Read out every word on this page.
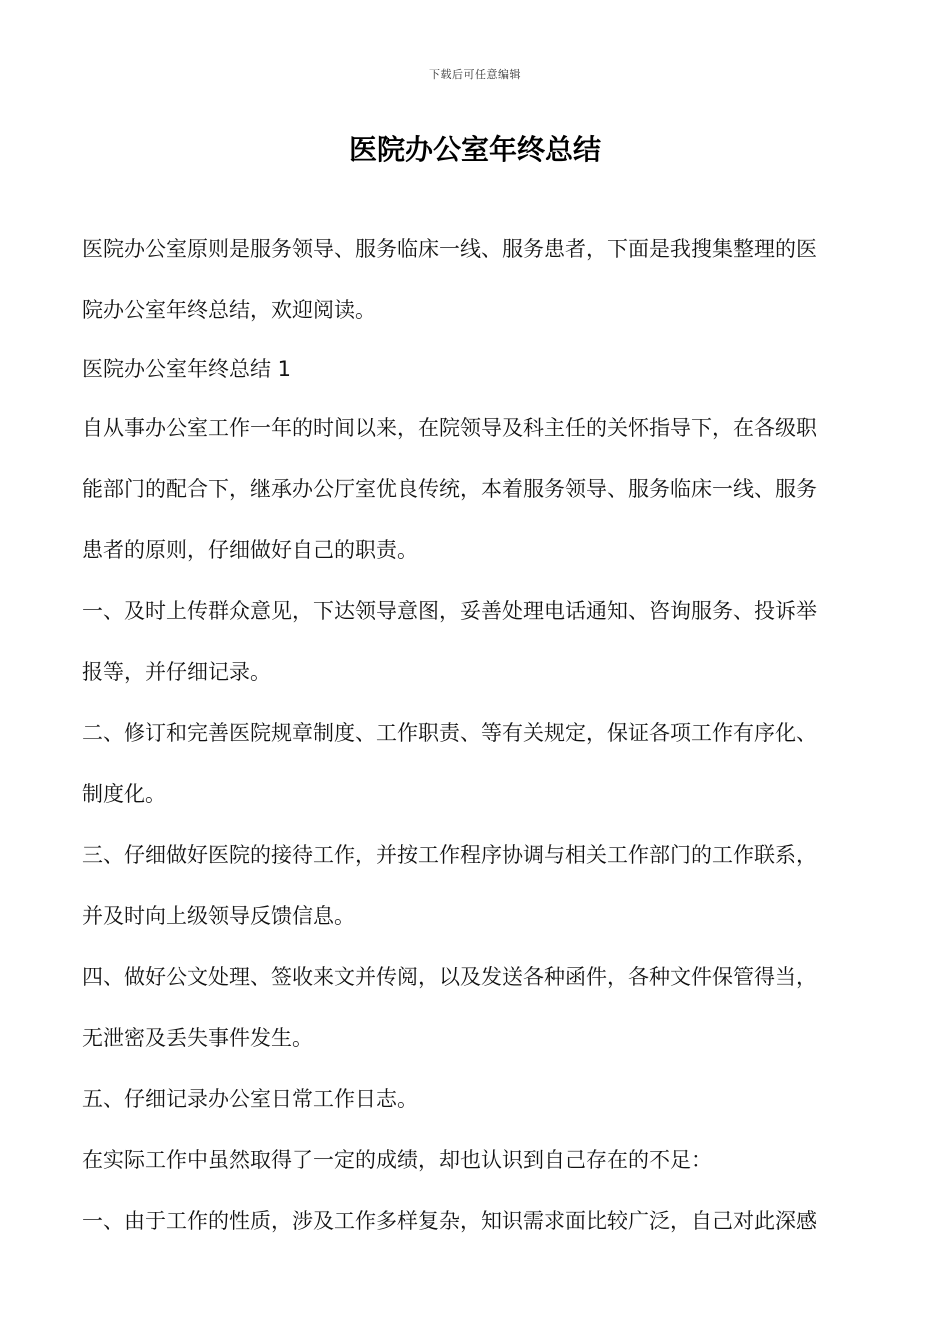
下载后可任意编辑
医院办公室年终总结
医院办公室原则是服务领导、服务临床一线、服务患者，下面是我搜集整理的医
院办公室年终总结，欢迎阅读。
医院办公室年终总结 1
自从事办公室工作一年的时间以来，在院领导及科主任的关怀指导下，在各级职
能部门的配合下，继承办公厅室优良传统，本着服务领导、服务临床一线、服务
患者的原则，仔细做好自己的职责。
一、及时上传群众意见，下达领导意图，妥善处理电话通知、咨询服务、投诉举
报等，并仔细记录。
二、修订和完善医院规章制度、工作职责、等有关规定，保证各项工作有序化、
制度化。
三、仔细做好医院的接待工作，并按工作程序协调与相关工作部门的工作联系，
并及时向上级领导反馈信息。
四、做好公文处理、签收来文并传阅，以及发送各种函件，各种文件保管得当，
无泄密及丢失事件发生。
五、仔细记录办公室日常工作日志。
在实际工作中虽然取得了一定的成绩，却也认识到自己存在的不足：
一、由于工作的性质，涉及工作多样复杂，知识需求面比较广泛，自己对此深感
